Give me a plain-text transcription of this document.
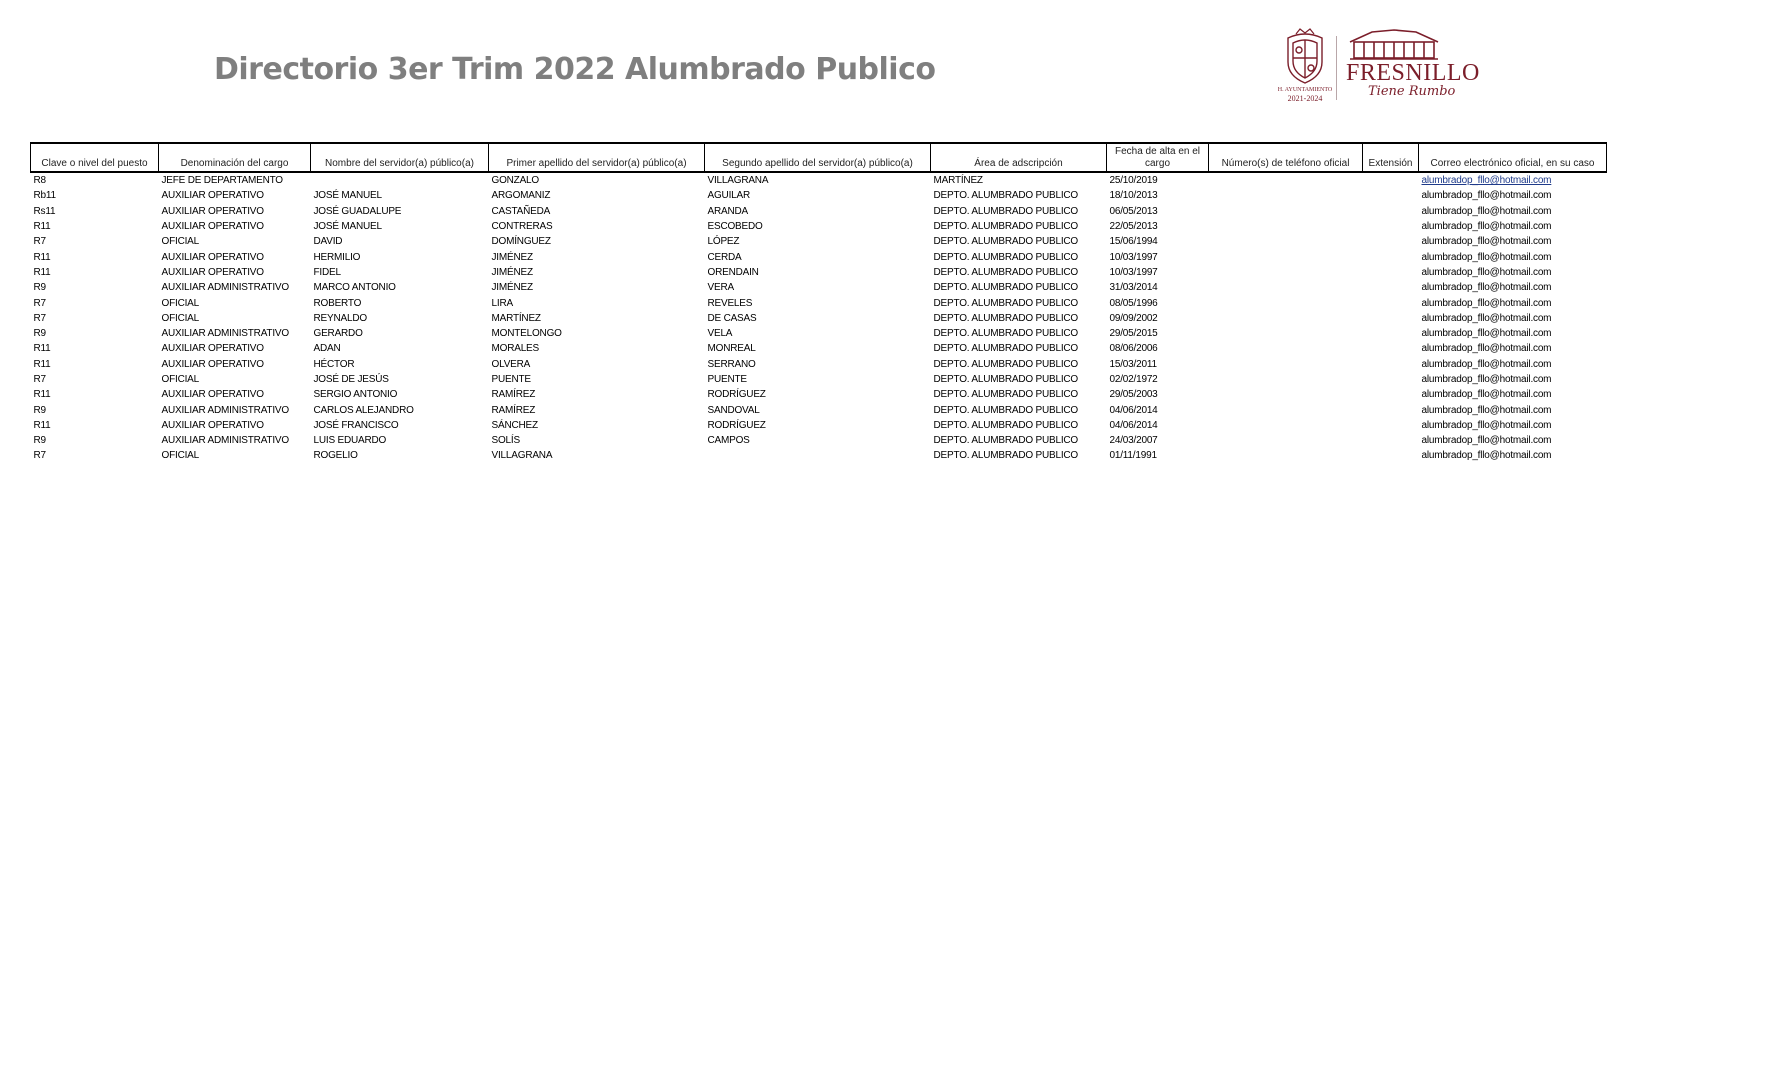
Directorio 3er Trim 2022 Alumbrado Publico
H. AYUNTAMIENTO
2021-2024
FRESNILLO
Tiene Rumbo
Clave o nivel del puesto	Denominación del cargo	Nombre del servidor(a) público(a)	Primer apellido del servidor(a) público(a)	Segundo apellido del servidor(a) público(a)	Área de adscripción	Fecha de alta en el cargo	Número(s) de teléfono oficial	Extensión	Correo electrónico oficial, en su caso
R8	JEFE DE DEPARTAMENTO		GONZALO	VILLAGRANA	MARTÍNEZ	25/10/2019			alumbradop_fllo@hotmail.com
Rb11	AUXILIAR OPERATIVO	JOSÉ MANUEL	ARGOMANIZ	AGUILAR	DEPTO. ALUMBRADO PUBLICO	18/10/2013			alumbradop_fllo@hotmail.com
Rs11	AUXILIAR OPERATIVO	JOSÉ GUADALUPE	CASTAÑEDA	ARANDA	DEPTO. ALUMBRADO PUBLICO	06/05/2013			alumbradop_fllo@hotmail.com
R11	AUXILIAR OPERATIVO	JOSÉ MANUEL	CONTRERAS	ESCOBEDO	DEPTO. ALUMBRADO PUBLICO	22/05/2013			alumbradop_fllo@hotmail.com
R7	OFICIAL	DAVID	DOMÍNGUEZ	LÓPEZ	DEPTO. ALUMBRADO PUBLICO	15/06/1994			alumbradop_fllo@hotmail.com
R11	AUXILIAR OPERATIVO	HERMILIO	JIMÉNEZ	CERDA	DEPTO. ALUMBRADO PUBLICO	10/03/1997			alumbradop_fllo@hotmail.com
R11	AUXILIAR OPERATIVO	FIDEL	JIMÉNEZ	ORENDAIN	DEPTO. ALUMBRADO PUBLICO	10/03/1997			alumbradop_fllo@hotmail.com
R9	AUXILIAR ADMINISTRATIVO	MARCO ANTONIO	JIMÉNEZ	VERA	DEPTO. ALUMBRADO PUBLICO	31/03/2014			alumbradop_fllo@hotmail.com
R7	OFICIAL	ROBERTO	LIRA	REVELES	DEPTO. ALUMBRADO PUBLICO	08/05/1996			alumbradop_fllo@hotmail.com
R7	OFICIAL	REYNALDO	MARTÍNEZ	DE CASAS	DEPTO. ALUMBRADO PUBLICO	09/09/2002			alumbradop_fllo@hotmail.com
R9	AUXILIAR ADMINISTRATIVO	GERARDO	MONTELONGO	VELA	DEPTO. ALUMBRADO PUBLICO	29/05/2015			alumbradop_fllo@hotmail.com
R11	AUXILIAR OPERATIVO	ADAN	MORALES	MONREAL	DEPTO. ALUMBRADO PUBLICO	08/06/2006			alumbradop_fllo@hotmail.com
R11	AUXILIAR OPERATIVO	HÉCTOR	OLVERA	SERRANO	DEPTO. ALUMBRADO PUBLICO	15/03/2011			alumbradop_fllo@hotmail.com
R7	OFICIAL	JOSÉ DE JESÚS	PUENTE	PUENTE	DEPTO. ALUMBRADO PUBLICO	02/02/1972			alumbradop_fllo@hotmail.com
R11	AUXILIAR OPERATIVO	SERGIO ANTONIO	RAMÍREZ	RODRÍGUEZ	DEPTO. ALUMBRADO PUBLICO	29/05/2003			alumbradop_fllo@hotmail.com
R9	AUXILIAR ADMINISTRATIVO	CARLOS ALEJANDRO	RAMÍREZ	SANDOVAL	DEPTO. ALUMBRADO PUBLICO	04/06/2014			alumbradop_fllo@hotmail.com
R11	AUXILIAR OPERATIVO	JOSÉ FRANCISCO	SÁNCHEZ	RODRÍGUEZ	DEPTO. ALUMBRADO PUBLICO	04/06/2014			alumbradop_fllo@hotmail.com
R9	AUXILIAR ADMINISTRATIVO	LUIS EDUARDO	SOLÍS	CAMPOS	DEPTO. ALUMBRADO PUBLICO	24/03/2007			alumbradop_fllo@hotmail.com
R7	OFICIAL	ROGELIO	VILLAGRANA		DEPTO. ALUMBRADO PUBLICO	01/11/1991			alumbradop_fllo@hotmail.com
